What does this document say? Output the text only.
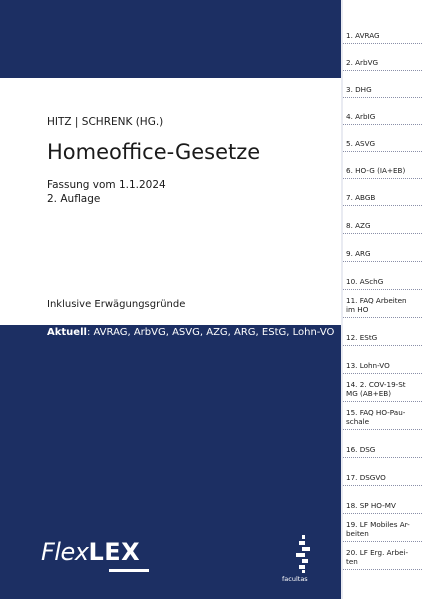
HITZ | SCHRENK (HG.)
Homeoffice-Gesetze
Fassung vom 1.1.2024
2. Auflage
Inklusive Erwägungsgründe
Aktuell: AVRAG, ArbVG, ASVG, AZG, ARG, EStG, Lohn-VO
FlexLEX
facultas
1. AVRAG
2. ArbVG
3. DHG
4. ArbIG
5. ASVG
6. HO-G (IA+EB)
7. ABGB
8. AZG
9. ARG
10. ASchG
11. FAQ Arbeiten
im HO
12. EStG
13. Lohn-VO
14. 2. COV-19-St
MG (AB+EB)
15. FAQ HO-Pau-
schale
16. DSG
17. DSGVO
18. SP HO-MV
19. LF Mobiles Ar-
beiten
20. LF Erg. Arbei-
ten
